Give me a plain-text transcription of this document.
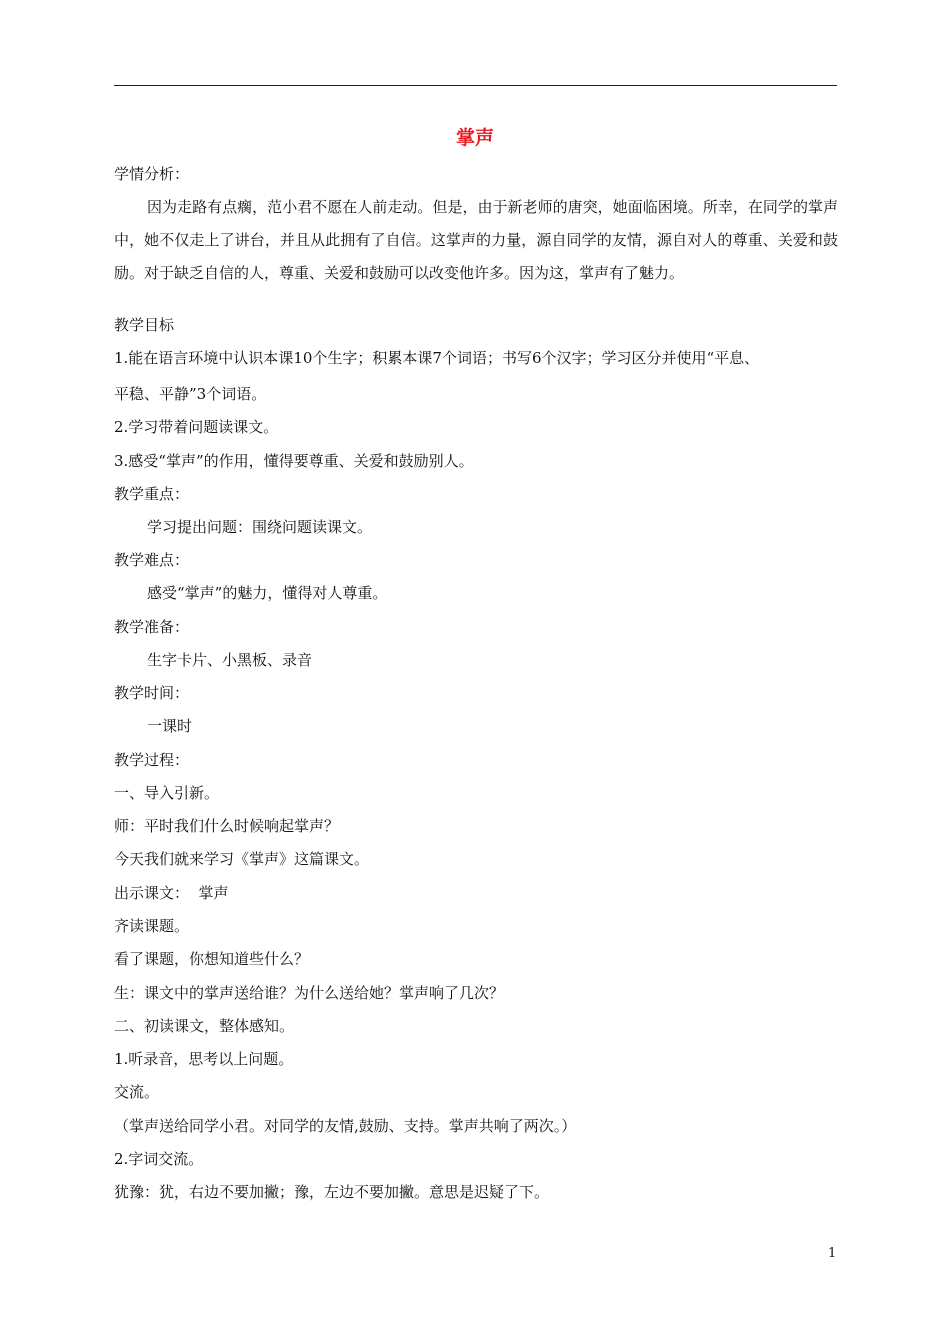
掌声
学情分析：
因为走路有点瘸，范小君不愿在人前走动。但是，由于新老师的唐突，她面临困境。所幸，在同学的掌声中，她不仅走上了讲台，并且从此拥有了自信。这掌声的力量，源自同学的友情，源自对人的尊重、关爱和鼓励。对于缺乏自信的人，尊重、关爱和鼓励可以改变他许多。因为这，掌声有了魅力。
教学目标
1.能在语言环境中认识本课10个生字；积累本课7个词语；书写6个汉字；学习区分并使用“平息、
平稳、平静”3个词语。
2.学习带着问题读课文。
3.感受“掌声”的作用，懂得要尊重、关爱和鼓励别人。
教学重点：
学习提出问题：围绕问题读课文。
教学难点：
感受“掌声”的魅力，懂得对人尊重。
教学准备：
生字卡片、小黑板、录音
教学时间：
一课时
教学过程：
一、导入引新。
师：平时我们什么时候响起掌声？
今天我们就来学习《掌声》这篇课文。
出示课文：  掌声
齐读课题。
看了课题，你想知道些什么？
生：课文中的掌声送给谁？为什么送给她？掌声响了几次？
二、初读课文，整体感知。
1.听录音，思考以上问题。
交流。
（掌声送给同学小君。对同学的友情,鼓励、支持。掌声共响了两次。）
2.字词交流。
犹豫：犹，右边不要加撇；豫，左边不要加撇。意思是迟疑了下。
1
